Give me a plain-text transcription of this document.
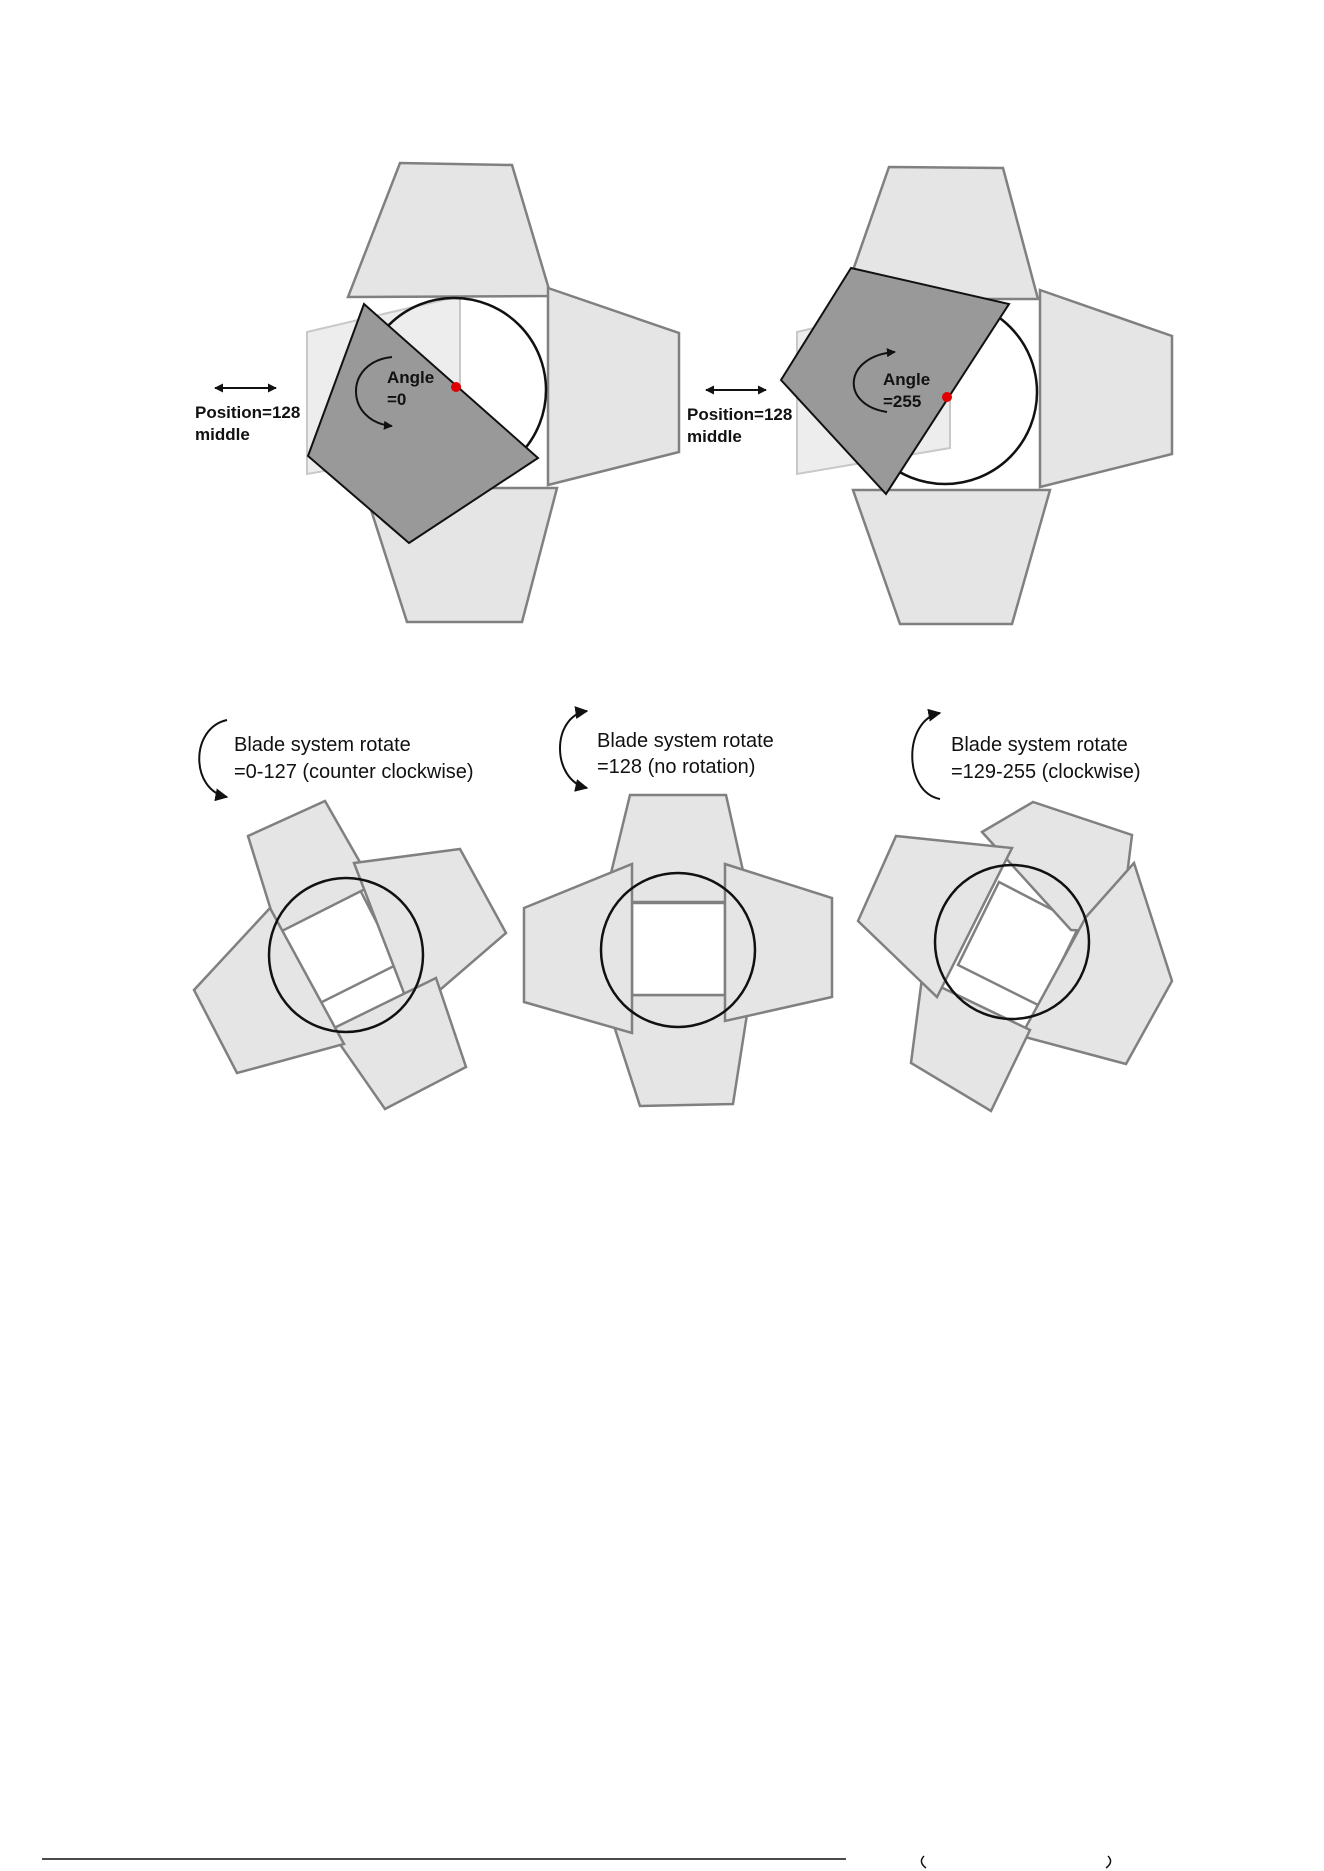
Angle
=0
Position=128
middle
Angle
=255
Position=128
middle
Blade system rotate
=0-127 (counter clockwise)
Blade system rotate
=128 (no rotation)
Blade system rotate
=129-255 (clockwise)
